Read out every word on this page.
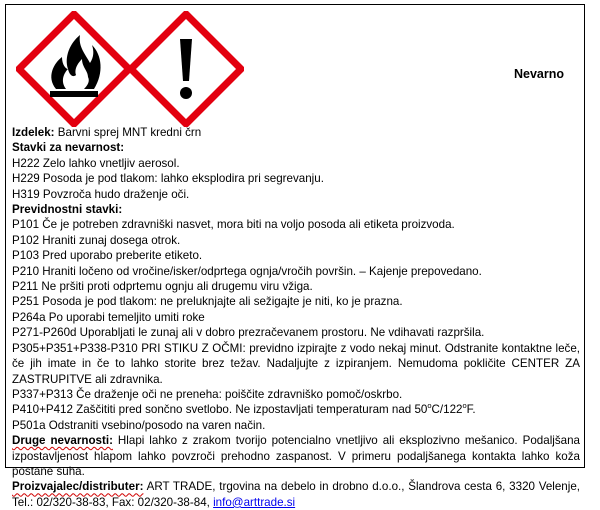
Nevarno
Izdelek: Barvni sprej MNT kredni črn
Stavki za nevarnost:
H222 Zelo lahko vnetljiv aerosol.
H229 Posoda je pod tlakom: lahko eksplodira pri segrevanju.
H319 Povzroča hudo draženje oči.
Previdnostni stavki:
P101 Če je potreben zdravniški nasvet, mora biti na voljo posoda ali etiketa proizvoda.
P102 Hraniti zunaj dosega otrok.
P103 Pred uporabo preberite etiketo.
P210 Hraniti ločeno od vročine/isker/odprtega ognja/vročih površin. – Kajenje prepovedano.
P211 Ne pršiti proti odprtemu ognju ali drugemu viru vžiga.
P251 Posoda je pod tlakom: ne preluknjajte ali sežigajte je niti, ko je prazna.
P264a Po uporabi temeljito umiti roke
P271-P260d Uporabljati le zunaj ali v dobro prezračevanem prostoru. Ne vdihavati razpršila.
P305+P351+P338-P310 PRI STIKU Z OČMI: previdno izpirajte z vodo nekaj minut. Odstranite kontaktne leče, če jih imate in če to lahko storite brez težav. Nadaljujte z izpiranjem. Nemudoma pokličite CENTER ZA ZASTRUPITVE ali zdravnika.
P337+P313 Če draženje oči ne preneha: poiščite zdravniško pomoč/oskrbo.
P410+P412 Zaščititi pred sončno svetlobo. Ne izpostavljati temperaturam nad 50$^o$C/122$^o$F.
P501a Odstraniti vsebino/posodo na varen način.
Druge nevarnosti: Hlapi lahko z zrakom tvorijo potencialno vnetljivo ali eksplozivno mešanico. Podaljšana izpostavljenost hlapom lahko povzroči prehodno zaspanost. V primeru podaljšanega kontakta lahko koža postane suha.
Proizvajalec/distributer: ART TRADE, trgovina na debelo in drobno d.o.o., Šlandrova cesta 6, 3320 Velenje, Tel.: 02/320-38-83, Fax: 02/320-38-84, info@arttrade.si
